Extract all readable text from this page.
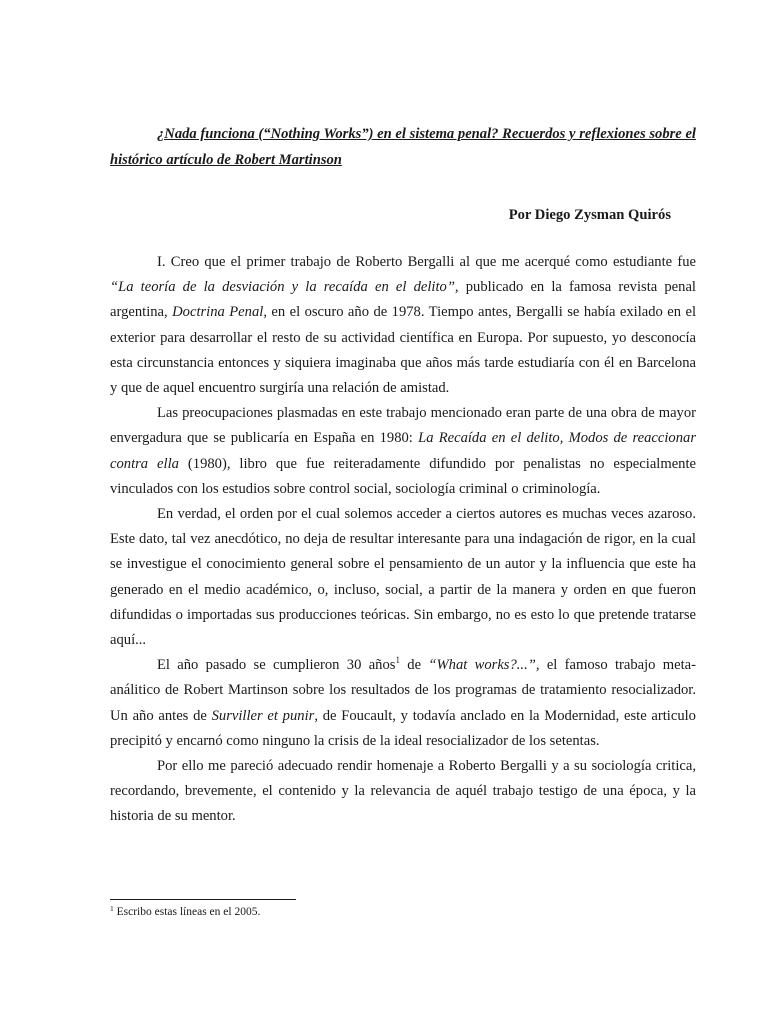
¿Nada funciona (“Nothing Works”) en el sistema penal? Recuerdos y reflexiones sobre el histórico artículo de Robert Martinson

Por Diego Zysman Quirós

I. Creo que el primer trabajo de Roberto Bergalli al que me acerqué como estudiante fue “La teoría de la desviación y la recaída en el delito”, publicado en la famosa revista penal argentina, Doctrina Penal, en el oscuro año de 1978. Tiempo antes, Bergalli se había exilado en el exterior para desarrollar el resto de su actividad científica en Europa. Por supuesto, yo desconocía esta circunstancia entonces y siquiera imaginaba que años más tarde estudiaría con él en Barcelona y que de aquel encuentro surgiría una relación de amistad.

Las preocupaciones plasmadas en este trabajo mencionado eran parte de una obra de mayor envergadura que se publicaría en España en 1980: La Recaída en el delito, Modos de reaccionar contra ella (1980), libro que fue reiteradamente difundido por penalistas no especialmente vinculados con los estudios sobre control social, sociología criminal o criminología.

En verdad, el orden por el cual solemos acceder a ciertos autores es muchas veces azaroso. Este dato, tal vez anecdótico, no deja de resultar interesante para una indagación de rigor, en la cual se investigue el conocimiento general sobre el pensamiento de un autor y la influencia que este ha generado en el medio académico, o, incluso, social, a partir de la manera y orden en que fueron difundidas o importadas sus producciones teóricas. Sin embargo, no es esto lo que pretende tratarse aquí...

El año pasado se cumplieron 30 años$^1$ de “What works?...”, el famoso trabajo meta-análitico de Robert Martinson sobre los resultados de los programas de tratamiento resocializador. Un año antes de Surviller et punir, de Foucault, y todavía anclado en la Modernidad, este articulo precipitó y encarnó como ninguno la crisis de la ideal resocializador de los setentas.

Por ello me pareció adecuado rendir homenaje a Roberto Bergalli y a su sociología critica, recordando, brevemente, el contenido y la relevancia de aquél trabajo testigo de una época, y la historia de su mentor.

$^1$ Escribo estas líneas en el 2005.
